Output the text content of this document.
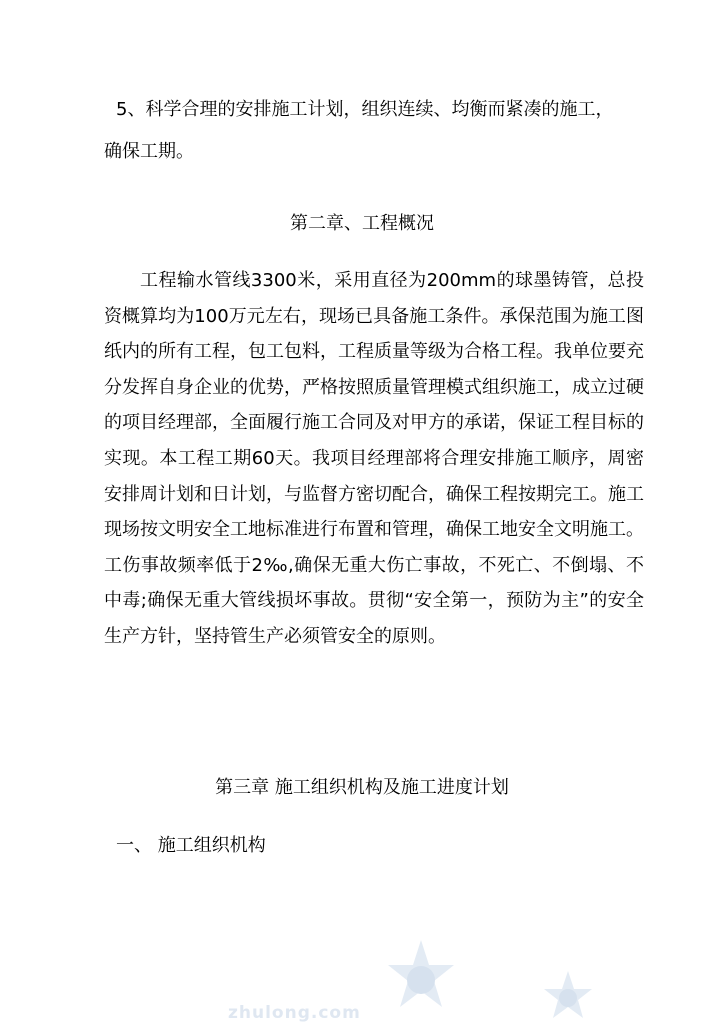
5、科学合理的安排施工计划，组织连续、均衡而紧凑的施工，
确保工期。
第二章、工程概况

工程输水管线3300米，采用直径为200mm的球墨铸管，总投资概算均为100万元左右，现场已具备施工条件。承保范围为施工图纸内的所有工程，包工包料，工程质量等级为合格工程。我单位要充分发挥自身企业的优势，严格按照质量管理模式组织施工，成立过硬的项目经理部，全面履行施工合同及对甲方的承诺，保证工程目标的实现。本工程工期60天。我项目经理部将合理安排施工顺序，周密安排周计划和日计划，与监督方密切配合，确保工程按期完工。施工现场按文明安全工地标准进行布置和管理，确保工地安全文明施工。工伤事故频率低于2‰,确保无重大伤亡事故，不死亡、不倒塌、不中毒;确保无重大管线损坏事故。贯彻“安全第一，预防为主”的安全生产方针，坚持管生产必须管安全的原则。

第三章 施工组织机构及施工进度计划
一、 施工组织机构
zhulong.com
